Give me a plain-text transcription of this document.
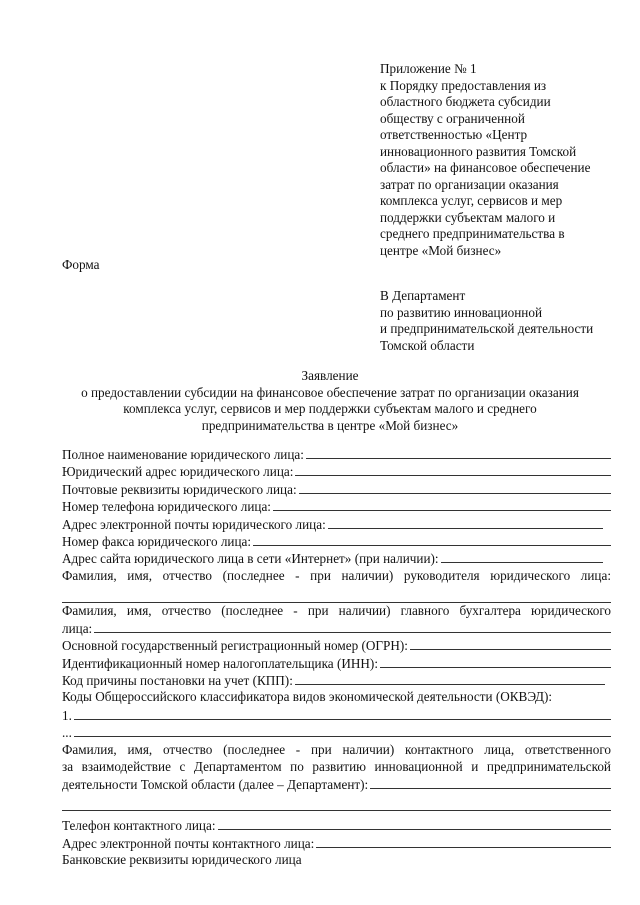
Приложение № 1
к Порядку предоставления из
областного бюджета субсидии
обществу с ограниченной
ответственностью «Центр
инновационного развития Томской
области» на финансовое обеспечение
затрат по организации оказания
комплекса услуг, сервисов и мер
поддержки субъектам малого и
среднего предпринимательства в
центре «Мой бизнес»
Форма
В Департамент
по развитию инновационной
и предпринимательской деятельности
Томской области
Заявление
о предоставлении субсидии на финансовое обеспечение затрат по организации оказания
комплекса услуг, сервисов и мер поддержки субъектам малого и среднего
предпринимательства в центре «Мой бизнес»
Полное наименование юридического лица:
Юридический адрес юридического лица:
Почтовые реквизиты юридического лица:
Номер телефона юридического лица:
Адрес электронной почты юридического лица:
Номер факса юридического лица:
Адрес сайта юридического лица в сети «Интернет» (при наличии):
Фамилия, имя, отчество (последнее - при наличии) руководителя юридического лица:
Фамилия, имя, отчество (последнее - при наличии) главного бухгалтера юридического
лица:
Основной государственный регистрационный номер (ОГРН):
Идентификационный номер налогоплательщика (ИНН):
Код причины постановки на учет (КПП):
Коды Общероссийского классификатора видов экономической деятельности (ОКВЭД):
1.
...
Фамилия, имя, отчество (последнее - при наличии) контактного лица, ответственного
за взаимодействие с Департаментом по развитию инновационной и предпринимательской
деятельности Томской области (далее – Департамент):
Телефон контактного лица:
Адрес электронной почты контактного лица:
Банковские реквизиты юридического лица
